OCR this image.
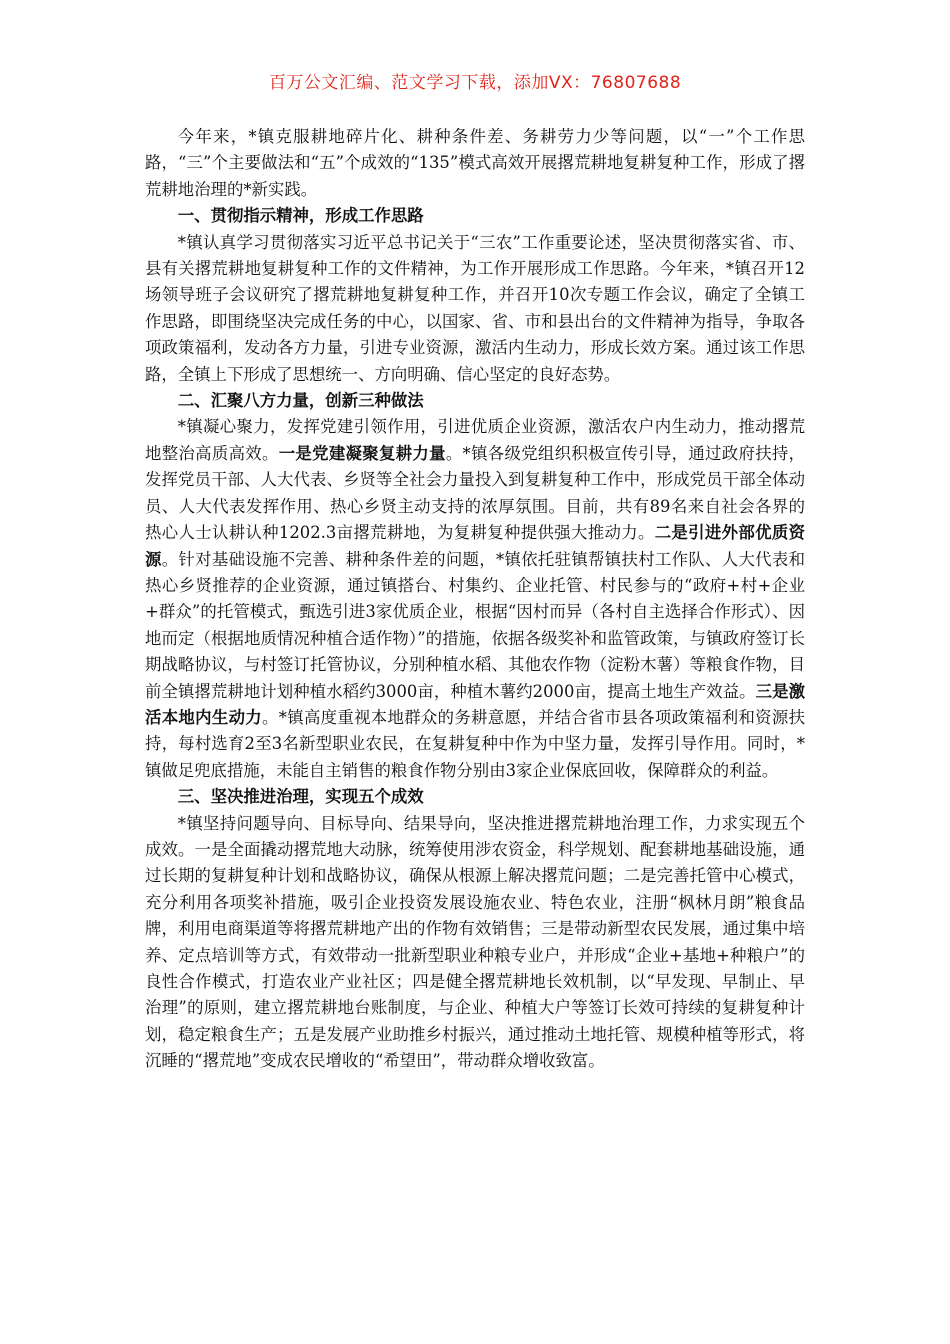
百万公文汇编、范文学习下载，添加VX：76807688

今年来，*镇克服耕地碎片化、耕种条件差、务耕劳力少等问题，以“一”个工作思路，“三”个主要做法和“五”个成效的“135”模式高效开展撂荒耕地复耕复种工作，形成了撂荒耕地治理的*新实践。

一、贯彻指示精神，形成工作思路

*镇认真学习贯彻落实习近平总书记关于“三农”工作重要论述，坚决贯彻落实省、市、县有关撂荒耕地复耕复种工作的文件精神，为工作开展形成工作思路。今年来，*镇召开12场领导班子会议研究了撂荒耕地复耕复种工作，并召开10次专题工作会议，确定了全镇工作思路，即围绕坚决完成任务的中心，以国家、省、市和县出台的文件精神为指导，争取各项政策福利，发动各方力量，引进专业资源，激活内生动力，形成长效方案。通过该工作思路，全镇上下形成了思想统一、方向明确、信心坚定的良好态势。

二、汇聚八方力量，创新三种做法

*镇凝心聚力，发挥党建引领作用，引进优质企业资源，激活农户内生动力，推动撂荒地整治高质高效。一是党建凝聚复耕力量。*镇各级党组织积极宣传引导，通过政府扶持，发挥党员干部、人大代表、乡贤等全社会力量投入到复耕复种工作中，形成党员干部全体动员、人大代表发挥作用、热心乡贤主动支持的浓厚氛围。目前，共有89名来自社会各界的热心人士认耕认种1202.3亩撂荒耕地，为复耕复种提供强大推动力。二是引进外部优质资源。针对基础设施不完善、耕种条件差的问题，*镇依托驻镇帮镇扶村工作队、人大代表和热心乡贤推荐的企业资源，通过镇搭台、村集约、企业托管、村民参与的“政府+村+企业+群众”的托管模式，甄选引进3家优质企业，根据“因村而异（各村自主选择合作形式）、因地而定（根据地质情况种植合适作物）”的措施，依据各级奖补和监管政策，与镇政府签订长期战略协议，与村签订托管协议，分别种植水稻、其他农作物（淀粉木薯）等粮食作物，目前全镇撂荒耕地计划种植水稻约3000亩，种植木薯约2000亩，提高土地生产效益。三是激活本地内生动力。*镇高度重视本地群众的务耕意愿，并结合省市县各项政策福利和资源扶持，每村选育2至3名新型职业农民，在复耕复种中作为中坚力量，发挥引导作用。同时，*镇做足兜底措施，未能自主销售的粮食作物分别由3家企业保底回收，保障群众的利益。

三、坚决推进治理，实现五个成效

*镇坚持问题导向、目标导向、结果导向，坚决推进撂荒耕地治理工作，力求实现五个成效。一是全面撬动撂荒地大动脉，统筹使用涉农资金，科学规划、配套耕地基础设施，通过长期的复耕复种计划和战略协议，确保从根源上解决撂荒问题；二是完善托管中心模式，充分利用各项奖补措施，吸引企业投资发展设施农业、特色农业，注册“枫林月朗”粮食品牌，利用电商渠道等将撂荒耕地产出的作物有效销售；三是带动新型农民发展，通过集中培养、定点培训等方式，有效带动一批新型职业种粮专业户，并形成“企业+基地+种粮户”的良性合作模式，打造农业产业社区；四是健全撂荒耕地长效机制，以“早发现、早制止、早治理”的原则，建立撂荒耕地台账制度，与企业、种植大户等签订长效可持续的复耕复种计划，稳定粮食生产；五是发展产业助推乡村振兴，通过推动土地托管、规模种植等形式，将沉睡的“撂荒地”变成农民增收的“希望田”，带动群众增收致富。
